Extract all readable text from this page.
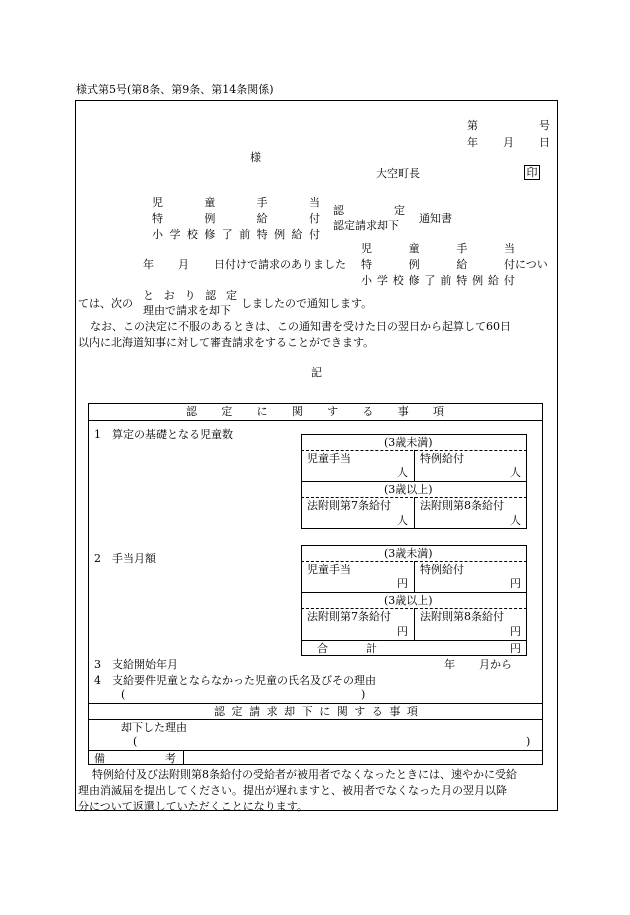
様式第5号(第8条、第9条、第14条関係)
第	号
年 月 日
様
大空町長	印
児	童	手	当
特	例	給	付
小 学 校 修 了 前 特 例 給 付
認	定
認定請求却下
通知書
年 月 日付けで請求のありました
児	童	手	当
特	例	給	付 につい
小 学 校 修 了 前 特 例 給 付
ては、次の
と お り 認 定
理由で請求を却下
しましたので通知します。
なお、この決定に不服のあるときは、この通知書を受けた日の翌日から起算して60日
以内に北海道知事に対して審査請求をすることができます。
記
認 定 に 関 す る 事 項
1　算定の基礎となる児童数
(3歳未満)
児童手当	特例給付
人	人
(3歳以上)
法附則第7条給付	法附則第8条給付
人	人
2　手当月額	(3歳未満)
児童手当	特例給付
円	円
(3歳以上)
法附則第7条給付	法附則第8条給付
円	円
合	計	円
3　支給開始年月	年 月から
4　支給要件児童とならなかった児童の氏名及びその理由
(	)
認 定 請 求 却 下 に 関 す る 事 項
却下した理由
(	)
備	考
特例給付及び法附則第8条給付の受給者が被用者でなくなったときには、速やかに受給
理由消滅届を提出してください。提出が遅れますと、被用者でなくなった月の翌月以降
分について返還していただくことになります。
